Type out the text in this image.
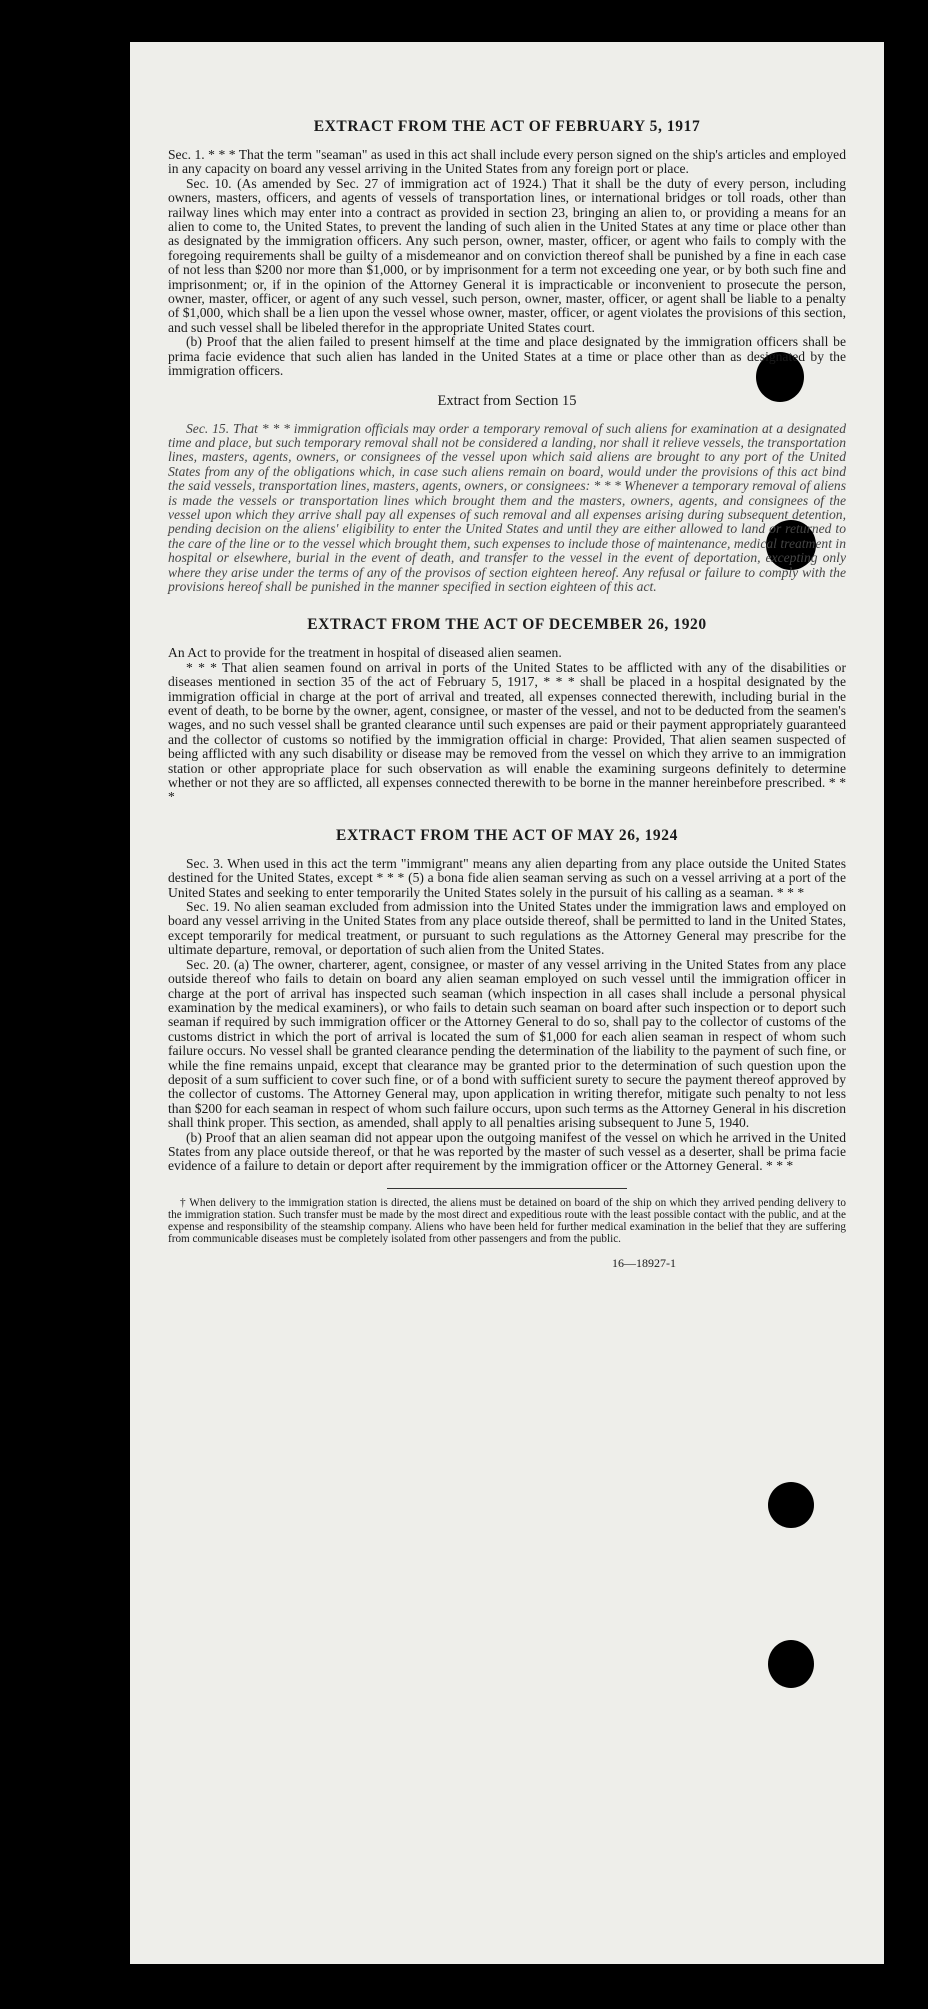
EXTRACT FROM THE ACT OF FEBRUARY 5, 1917

Sec. 1. * * * That the term "seaman" as used in this act shall include every person signed on the ship's articles and employed in any capacity on board any vessel arriving in the United States from any foreign port or place.

Sec. 10. (As amended by Sec. 27 of immigration act of 1924.) That it shall be the duty of every person, including owners, masters, officers, and agents of vessels of transportation lines, or international bridges or toll roads, other than railway lines which may enter into a contract as provided in section 23, bringing an alien to, or providing a means for an alien to come to, the United States, to prevent the landing of such alien in the United States at any time or place other than as designated by the immigration officers. Any such person, owner, master, officer, or agent who fails to comply with the foregoing requirements shall be guilty of a misdemeanor and on conviction thereof shall be punished by a fine in each case of not less than $200 nor more than $1,000, or by imprisonment for a term not exceeding one year, or by both such fine and imprisonment; or, if in the opinion of the Attorney General it is impracticable or inconvenient to prosecute the person, owner, master, officer, or agent of any such vessel, such person, owner, master, officer, or agent shall be liable to a penalty of $1,000, which shall be a lien upon the vessel whose owner, master, officer, or agent violates the provisions of this section, and such vessel shall be libeled therefor in the appropriate United States court.

(b) Proof that the alien failed to present himself at the time and place designated by the immigration officers shall be prima facie evidence that such alien has landed in the United States at a time or place other than as designated by the immigration officers.

Extract from Section 15

Sec. 15. That * * * immigration officials may order a temporary removal of such aliens for examination at a designated time and place, but such temporary removal shall not be considered a landing, nor shall it relieve vessels, the transportation lines, masters, agents, owners, or consignees of the vessel upon which said aliens are brought to any port of the United States from any of the obligations which, in case such aliens remain on board, would under the provisions of this act bind the said vessels, transportation lines, masters, agents, owners, or consignees: * * * Whenever a temporary removal of aliens is made the vessels or transportation lines which brought them and the masters, owners, agents, and consignees of the vessel upon which they arrive shall pay all expenses of such removal and all expenses arising during subsequent detention, pending decision on the aliens' eligibility to enter the United States and until they are either allowed to land or returned to the care of the line or to the vessel which brought them, such expenses to include those of maintenance, medical treatment in hospital or elsewhere, burial in the event of death, and transfer to the vessel in the event of deportation, excepting only where they arise under the terms of any of the provisos of section eighteen hereof. Any refusal or failure to comply with the provisions hereof shall be punished in the manner specified in section eighteen of this act.

EXTRACT FROM THE ACT OF DECEMBER 26, 1920

An Act to provide for the treatment in hospital of diseased alien seamen.

* * * That alien seamen found on arrival in ports of the United States to be afflicted with any of the disabilities or diseases mentioned in section 35 of the act of February 5, 1917, * * * shall be placed in a hospital designated by the immigration official in charge at the port of arrival and treated, all expenses connected therewith, including burial in the event of death, to be borne by the owner, agent, consignee, or master of the vessel, and not to be deducted from the seamen's wages, and no such vessel shall be granted clearance until such expenses are paid or their payment appropriately guaranteed and the collector of customs so notified by the immigration official in charge: Provided, That alien seamen suspected of being afflicted with any such disability or disease may be removed from the vessel on which they arrive to an immigration station or other appropriate place for such observation as will enable the examining surgeons definitely to determine whether or not they are so afflicted, all expenses connected therewith to be borne in the manner hereinbefore prescribed. * * *

EXTRACT FROM THE ACT OF MAY 26, 1924

Sec. 3. When used in this act the term "immigrant" means any alien departing from any place outside the United States destined for the United States, except * * * (5) a bona fide alien seaman serving as such on a vessel arriving at a port of the United States and seeking to enter temporarily the United States solely in the pursuit of his calling as a seaman. * * *

Sec. 19. No alien seaman excluded from admission into the United States under the immigration laws and employed on board any vessel arriving in the United States from any place outside thereof, shall be permitted to land in the United States, except temporarily for medical treatment, or pursuant to such regulations as the Attorney General may prescribe for the ultimate departure, removal, or deportation of such alien from the United States.

Sec. 20. (a) The owner, charterer, agent, consignee, or master of any vessel arriving in the United States from any place outside thereof who fails to detain on board any alien seaman employed on such vessel until the immigration officer in charge at the port of arrival has inspected such seaman (which inspection in all cases shall include a personal physical examination by the medical examiners), or who fails to detain such seaman on board after such inspection or to deport such seaman if required by such immigration officer or the Attorney General to do so, shall pay to the collector of customs of the customs district in which the port of arrival is located the sum of $1,000 for each alien seaman in respect of whom such failure occurs. No vessel shall be granted clearance pending the determination of the liability to the payment of such fine, or while the fine remains unpaid, except that clearance may be granted prior to the determination of such question upon the deposit of a sum sufficient to cover such fine, or of a bond with sufficient surety to secure the payment thereof approved by the collector of customs. The Attorney General may, upon application in writing therefor, mitigate such penalty to not less than $200 for each seaman in respect of whom such failure occurs, upon such terms as the Attorney General in his discretion shall think proper. This section, as amended, shall apply to all penalties arising subsequent to June 5, 1940.

(b) Proof that an alien seaman did not appear upon the outgoing manifest of the vessel on which he arrived in the United States from any place outside thereof, or that he was reported by the master of such vessel as a deserter, shall be prima facie evidence of a failure to detain or deport after requirement by the immigration officer or the Attorney General. * * *

† When delivery to the immigration station is directed, the aliens must be detained on board of the ship on which they arrived pending delivery to the immigration station. Such transfer must be made by the most direct and expeditious route with the least possible contact with the public, and at the expense and responsibility of the steamship company. Aliens who have been held for further medical examination in the belief that they are suffering from communicable diseases must be completely isolated from other passengers and from the public.

16—18927-1
